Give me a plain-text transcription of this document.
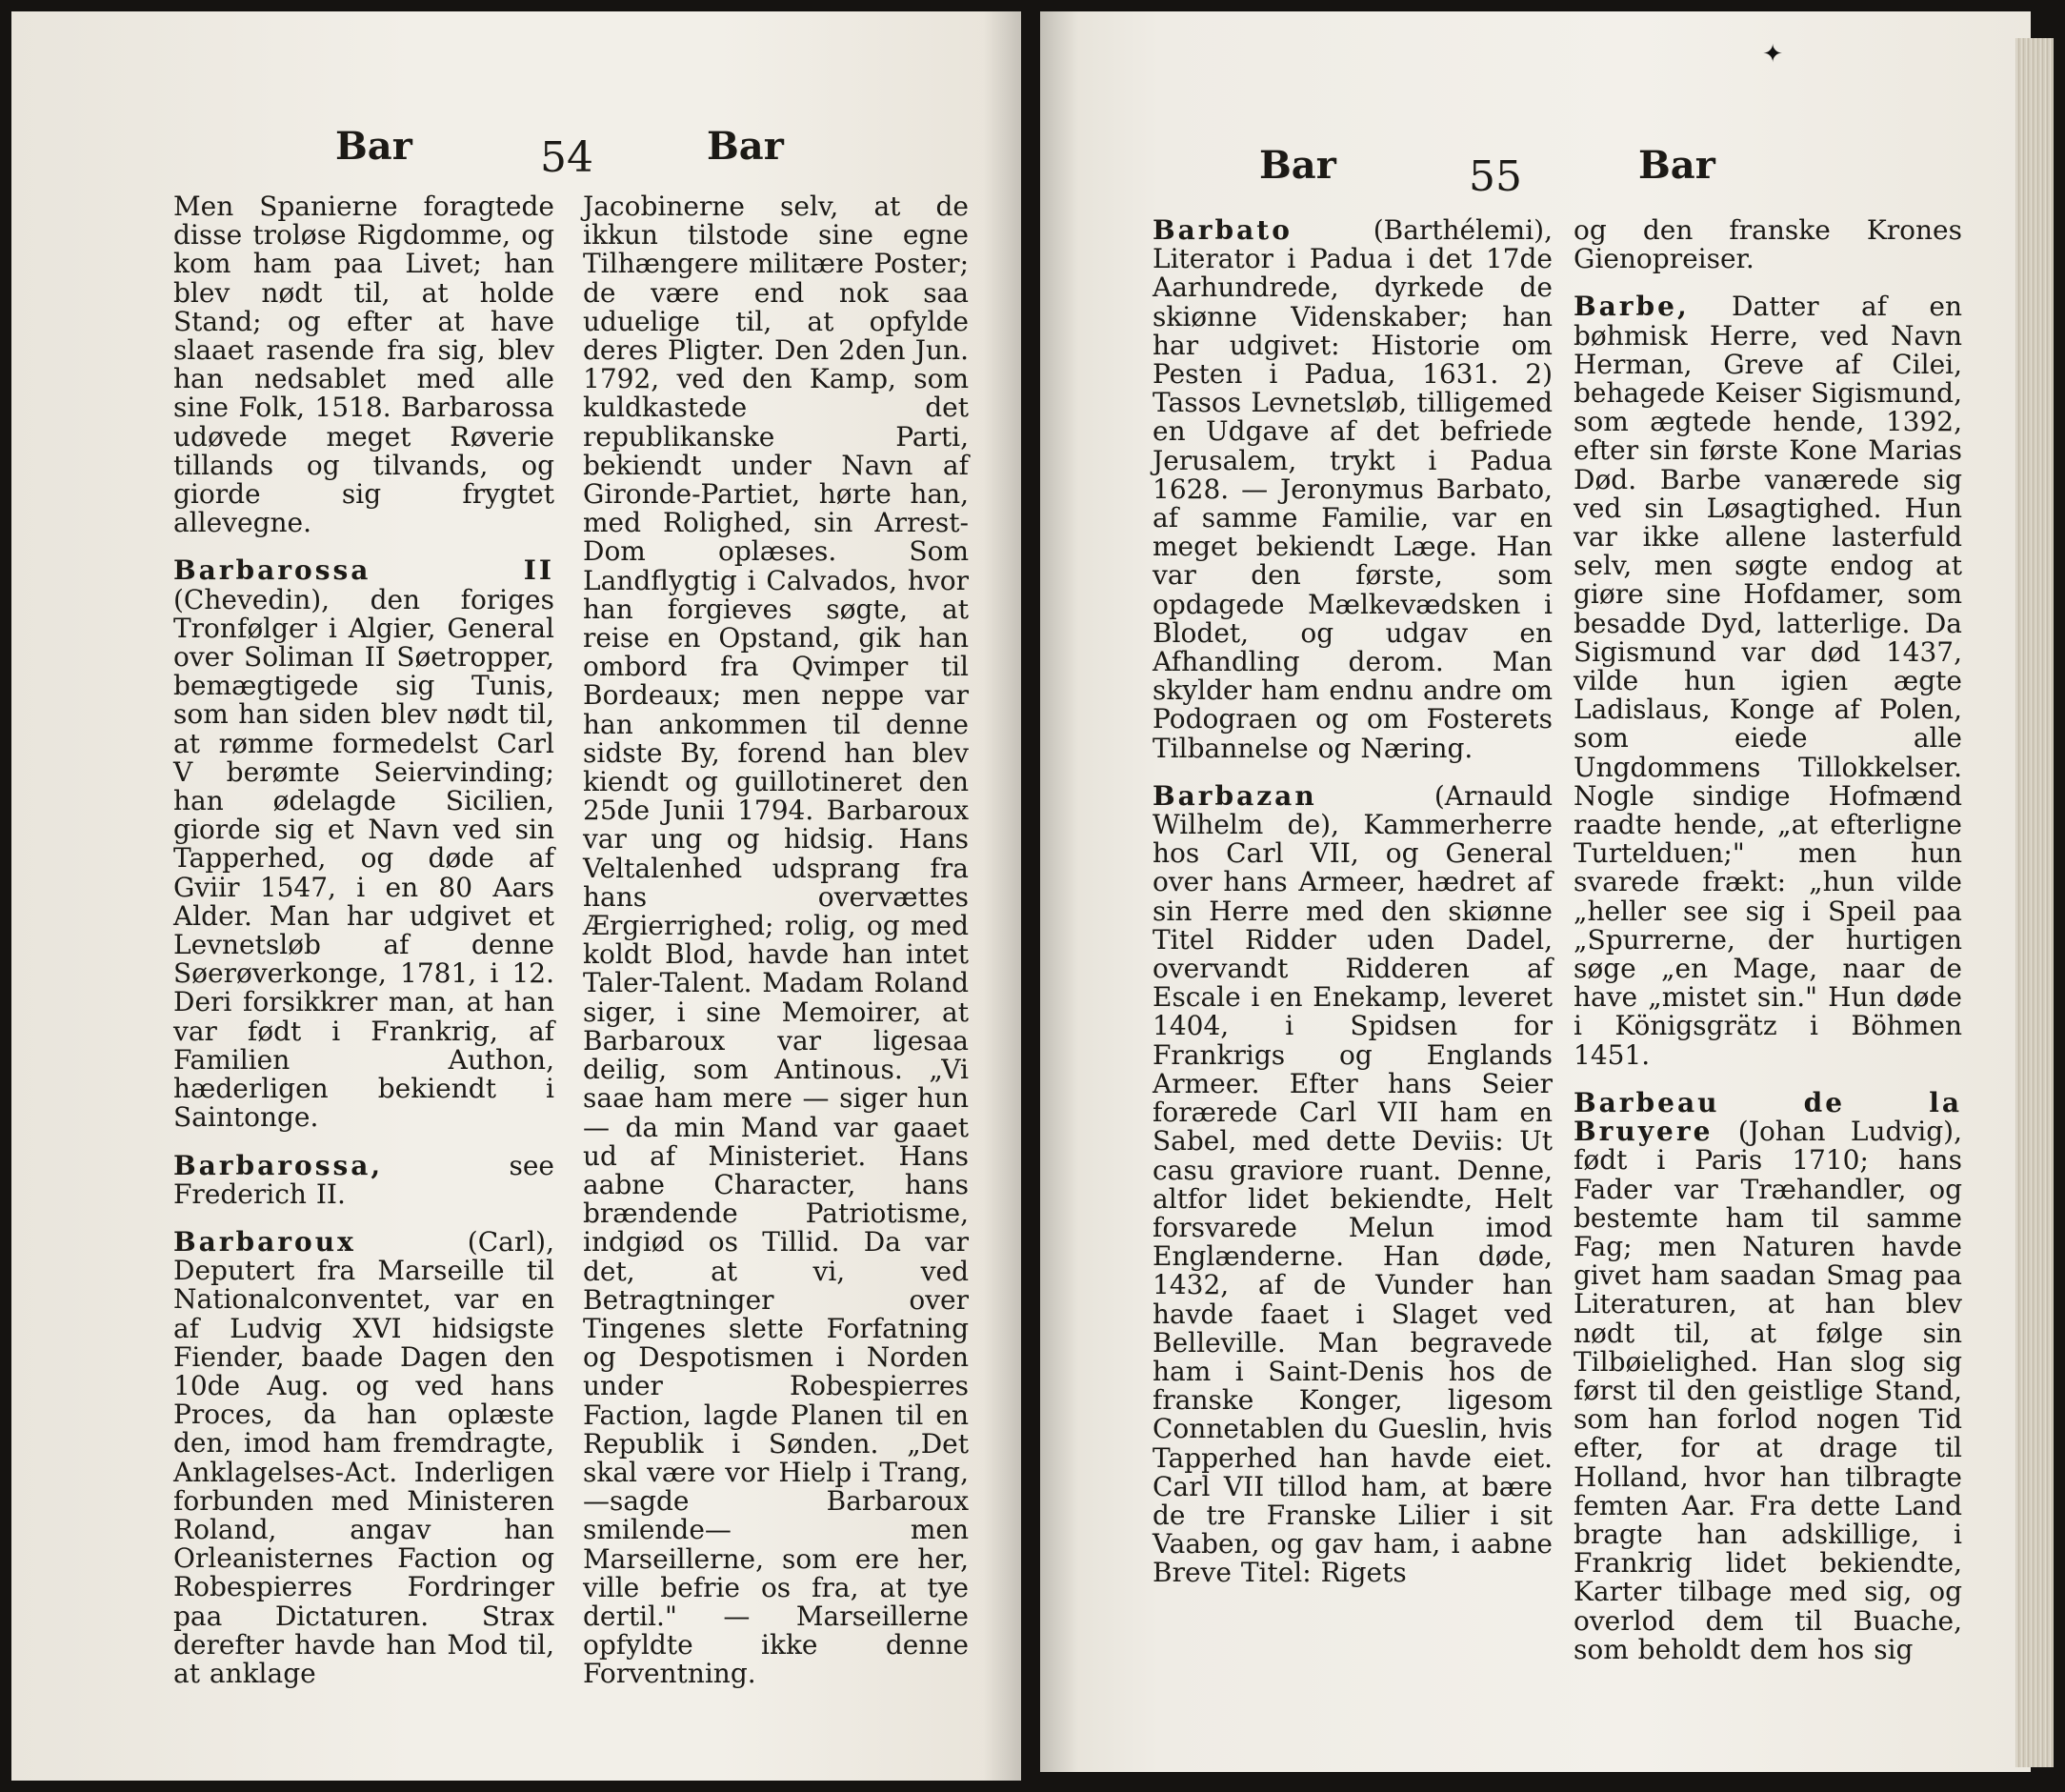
Bar	54	Bar

Men Spanierne foragtede disse troløse Rigdomme, og kom ham paa Livet; han blev nødt til, at holde Stand; og efter at have slaaet rasende fra sig, blev han nedsablet med alle sine Folk, 1518. Barbarossa udøvede meget Røverie tillands og tilvands, og giorde sig frygtet allevegne.

Barbarossa II (Chevedin), den foriges Tronfølger i Algier, General over Soliman II Søetropper, bemægtigede sig Tunis, som han siden blev nødt til, at rømme formedelst Carl V berømte Seiervinding; han ødelagde Sicilien, giorde sig et Navn ved sin Tapperhed, og døde af Gviir 1547, i en 80 Aars Alder. Man har udgivet et Levnetsløb af denne Søerøverkonge, 1781, i 12. Deri forsikkrer man, at han var født i Frankrig, af Familien Authon, hæderligen bekiendt i Saintonge.

Barbarossa, see Frederich II.

Barbaroux (Carl), Deputert fra Marseille til Nationalconventet, var en af Ludvig XVI hidsigste Fiender, baade Dagen den 10de Aug. og ved hans Proces, da han oplæste den, imod ham fremdragte, Anklagelses-Act. Inderligen forbunden med Ministeren Roland, angav han Orleanisternes Faction og Robespierres Fordringer paa Dictaturen. Strax derefter havde han Mod til, at anklage

Jacobinerne selv, at de ikkun tilstode sine egne Tilhængere militære Poster; de være end nok saa uduelige til, at opfylde deres Pligter. Den 2den Jun. 1792, ved den Kamp, som kuldkastede det republikanske Parti, bekiendt under Navn af Gironde-Partiet, hørte han, med Rolighed, sin Arrest-Dom oplæses. Som Landflygtig i Calvados, hvor han forgieves søgte, at reise en Opstand, gik han ombord fra Qvimper til Bordeaux; men neppe var han ankommen til denne sidste By, forend han blev kiendt og guillotineret den 25de Junii 1794. Barbaroux var ung og hidsig. Hans Veltalenhed udsprang fra hans overvættes Ærgierrighed; rolig, og med koldt Blod, havde han intet Taler-Talent. Madam Roland siger, i sine Memoirer, at Barbaroux var ligesaa deilig, som Antinous. „Vi saae ham mere — siger hun — da min Mand var gaaet ud af Ministeriet. Hans aabne Character, hans brændende Patriotisme, indgiød os Tillid. Da var det, at vi, ved Betragtninger over Tingenes slette Forfatning og Despotismen i Norden under Robespierres Faction, lagde Planen til en Republik i Sønden. „Det skal være vor Hielp i Trang, —sagde Barbaroux smilende— men Marseillerne, som ere her, ville befrie os fra, at tye dertil." — Marseillerne opfyldte ikke denne Forventning.

✦
Bar	55	Bar

Barbato (Barthélemi), Literator i Padua i det 17de Aarhundrede, dyrkede de skiønne Videnskaber; han har udgivet: Historie om Pesten i Padua, 1631. 2) Tassos Levnetsløb, tilligemed en Udgave af det befriede Jerusalem, trykt i Padua 1628. — Jeronymus Barbato, af samme Familie, var en meget bekiendt Læge. Han var den første, som opdagede Mælkevædsken i Blodet, og udgav en Afhandling derom. Man skylder ham endnu andre om Podograen og om Fosterets Tilbannelse og Næring.

Barbazan (Arnauld Wilhelm de), Kammerherre hos Carl VII, og General over hans Armeer, hædret af sin Herre med den skiønne Titel Ridder uden Dadel, overvandt Ridderen af Escale i en Enekamp, leveret 1404, i Spidsen for Frankrigs og Englands Armeer. Efter hans Seier forærede Carl VII ham en Sabel, med dette Deviis: Ut casu graviore ruant. Denne, altfor lidet bekiendte, Helt forsvarede Melun imod Englænderne. Han døde, 1432, af de Vunder han havde faaet i Slaget ved Belleville. Man begravede ham i Saint-Denis hos de franske Konger, ligesom Connetablen du Gueslin, hvis Tapperhed han havde eiet. Carl VII tillod ham, at bære de tre Franske Lilier i sit Vaaben, og gav ham, i aabne Breve Titel: Rigets

og den franske Krones Gienopreiser.

Barbe, Datter af en bøhmisk Herre, ved Navn Herman, Greve af Cilei, behagede Keiser Sigismund, som ægtede hende, 1392, efter sin første Kone Marias Død. Barbe vanærede sig ved sin Løsagtighed. Hun var ikke allene lasterfuld selv, men søgte endog at giøre sine Hofdamer, som besadde Dyd, latterlige. Da Sigismund var død 1437, vilde hun igien ægte Ladislaus, Konge af Polen, som eiede alle Ungdommens Tillokkelser. Nogle sindige Hofmænd raadte hende, „at efterligne Turtelduen;" men hun svarede frækt: „hun vilde „heller see sig i Speil paa „Spurrerne, der hurtigen søge „en Mage, naar de have „mistet sin." Hun døde i Königsgrätz i Böhmen 1451.

Barbeau de la Bruyere (Johan Ludvig), født i Paris 1710; hans Fader var Træhandler, og bestemte ham til samme Fag; men Naturen havde givet ham saadan Smag paa Literaturen, at han blev nødt til, at følge sin Tilbøielighed. Han slog sig først til den geistlige Stand, som han forlod nogen Tid efter, for at drage til Holland, hvor han tilbragte femten Aar. Fra dette Land bragte han adskillige, i Frankrig lidet bekiendte, Karter tilbage med sig, og overlod dem til Buache, som beholdt dem hos sig
